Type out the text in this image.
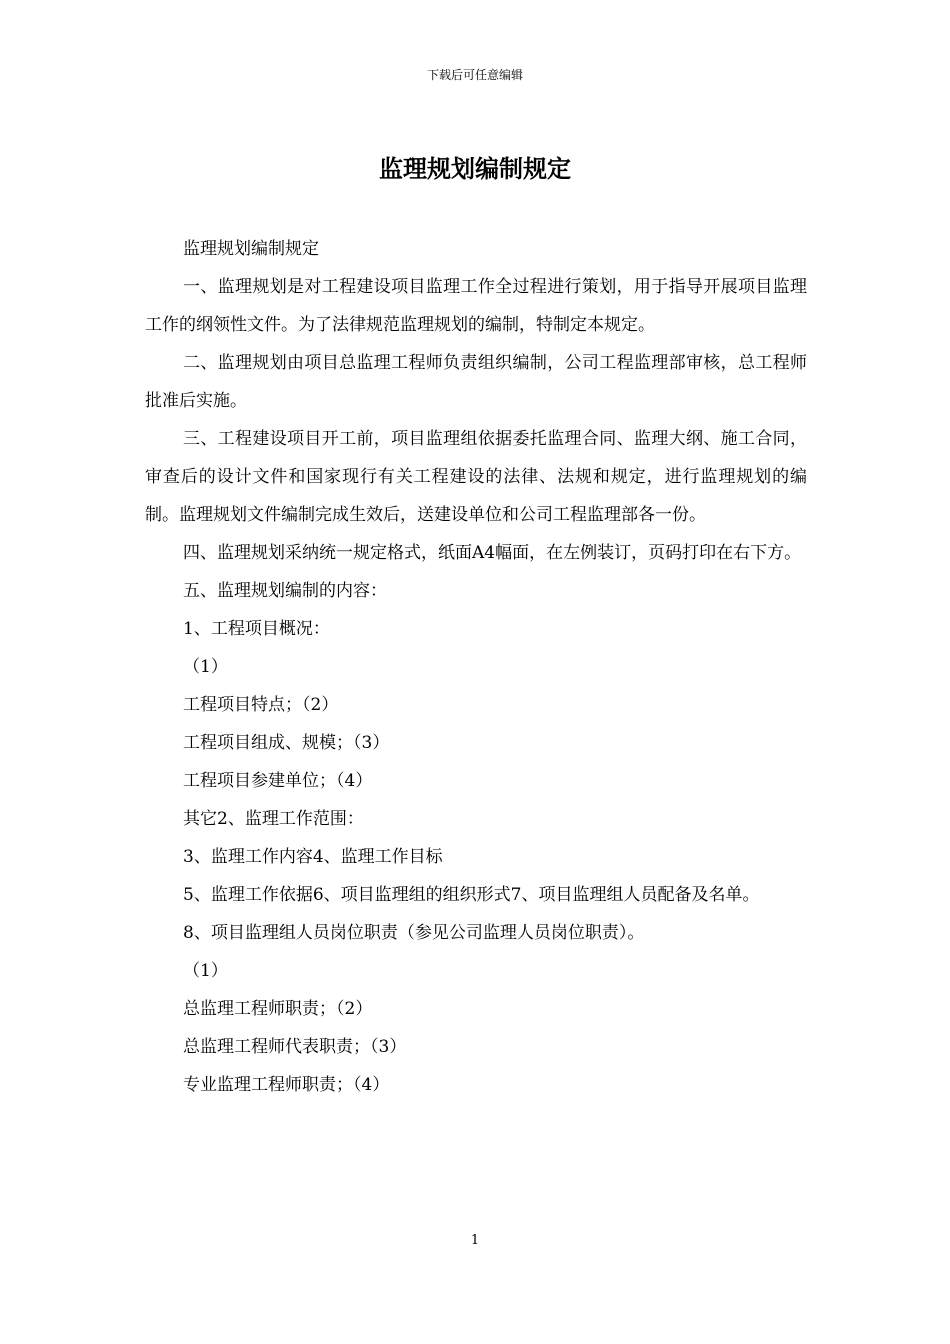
下载后可任意编辑
监理规划编制规定

监理规划编制规定

一、监理规划是对工程建设项目监理工作全过程进行策划，用于指导开展项目监理工作的纲领性文件。为了法律规范监理规划的编制，特制定本规定。

二、监理规划由项目总监理工程师负责组织编制，公司工程监理部审核，总工程师批准后实施。

三、工程建设项目开工前，项目监理组依据委托监理合同、监理大纲、施工合同，审查后的设计文件和国家现行有关工程建设的法律、法规和规定，进行监理规划的编制。监理规划文件编制完成生效后，送建设单位和公司工程监理部各一份。

四、监理规划采纳统一规定格式，纸面A4幅面，在左例装订，页码打印在右下方。

五、监理规划编制的内容：

1、工程项目概况：

（1）

工程项目特点；（2）

工程项目组成、规模；（3）

工程项目参建单位；（4）

其它2、监理工作范围：

3、监理工作内容4、监理工作目标

5、监理工作依据6、项目监理组的组织形式7、项目监理组人员配备及名单。

8、项目监理组人员岗位职责（参见公司监理人员岗位职责）。

（1）

总监理工程师职责；（2）

总监理工程师代表职责；（3）

专业监理工程师职责；（4）

1
